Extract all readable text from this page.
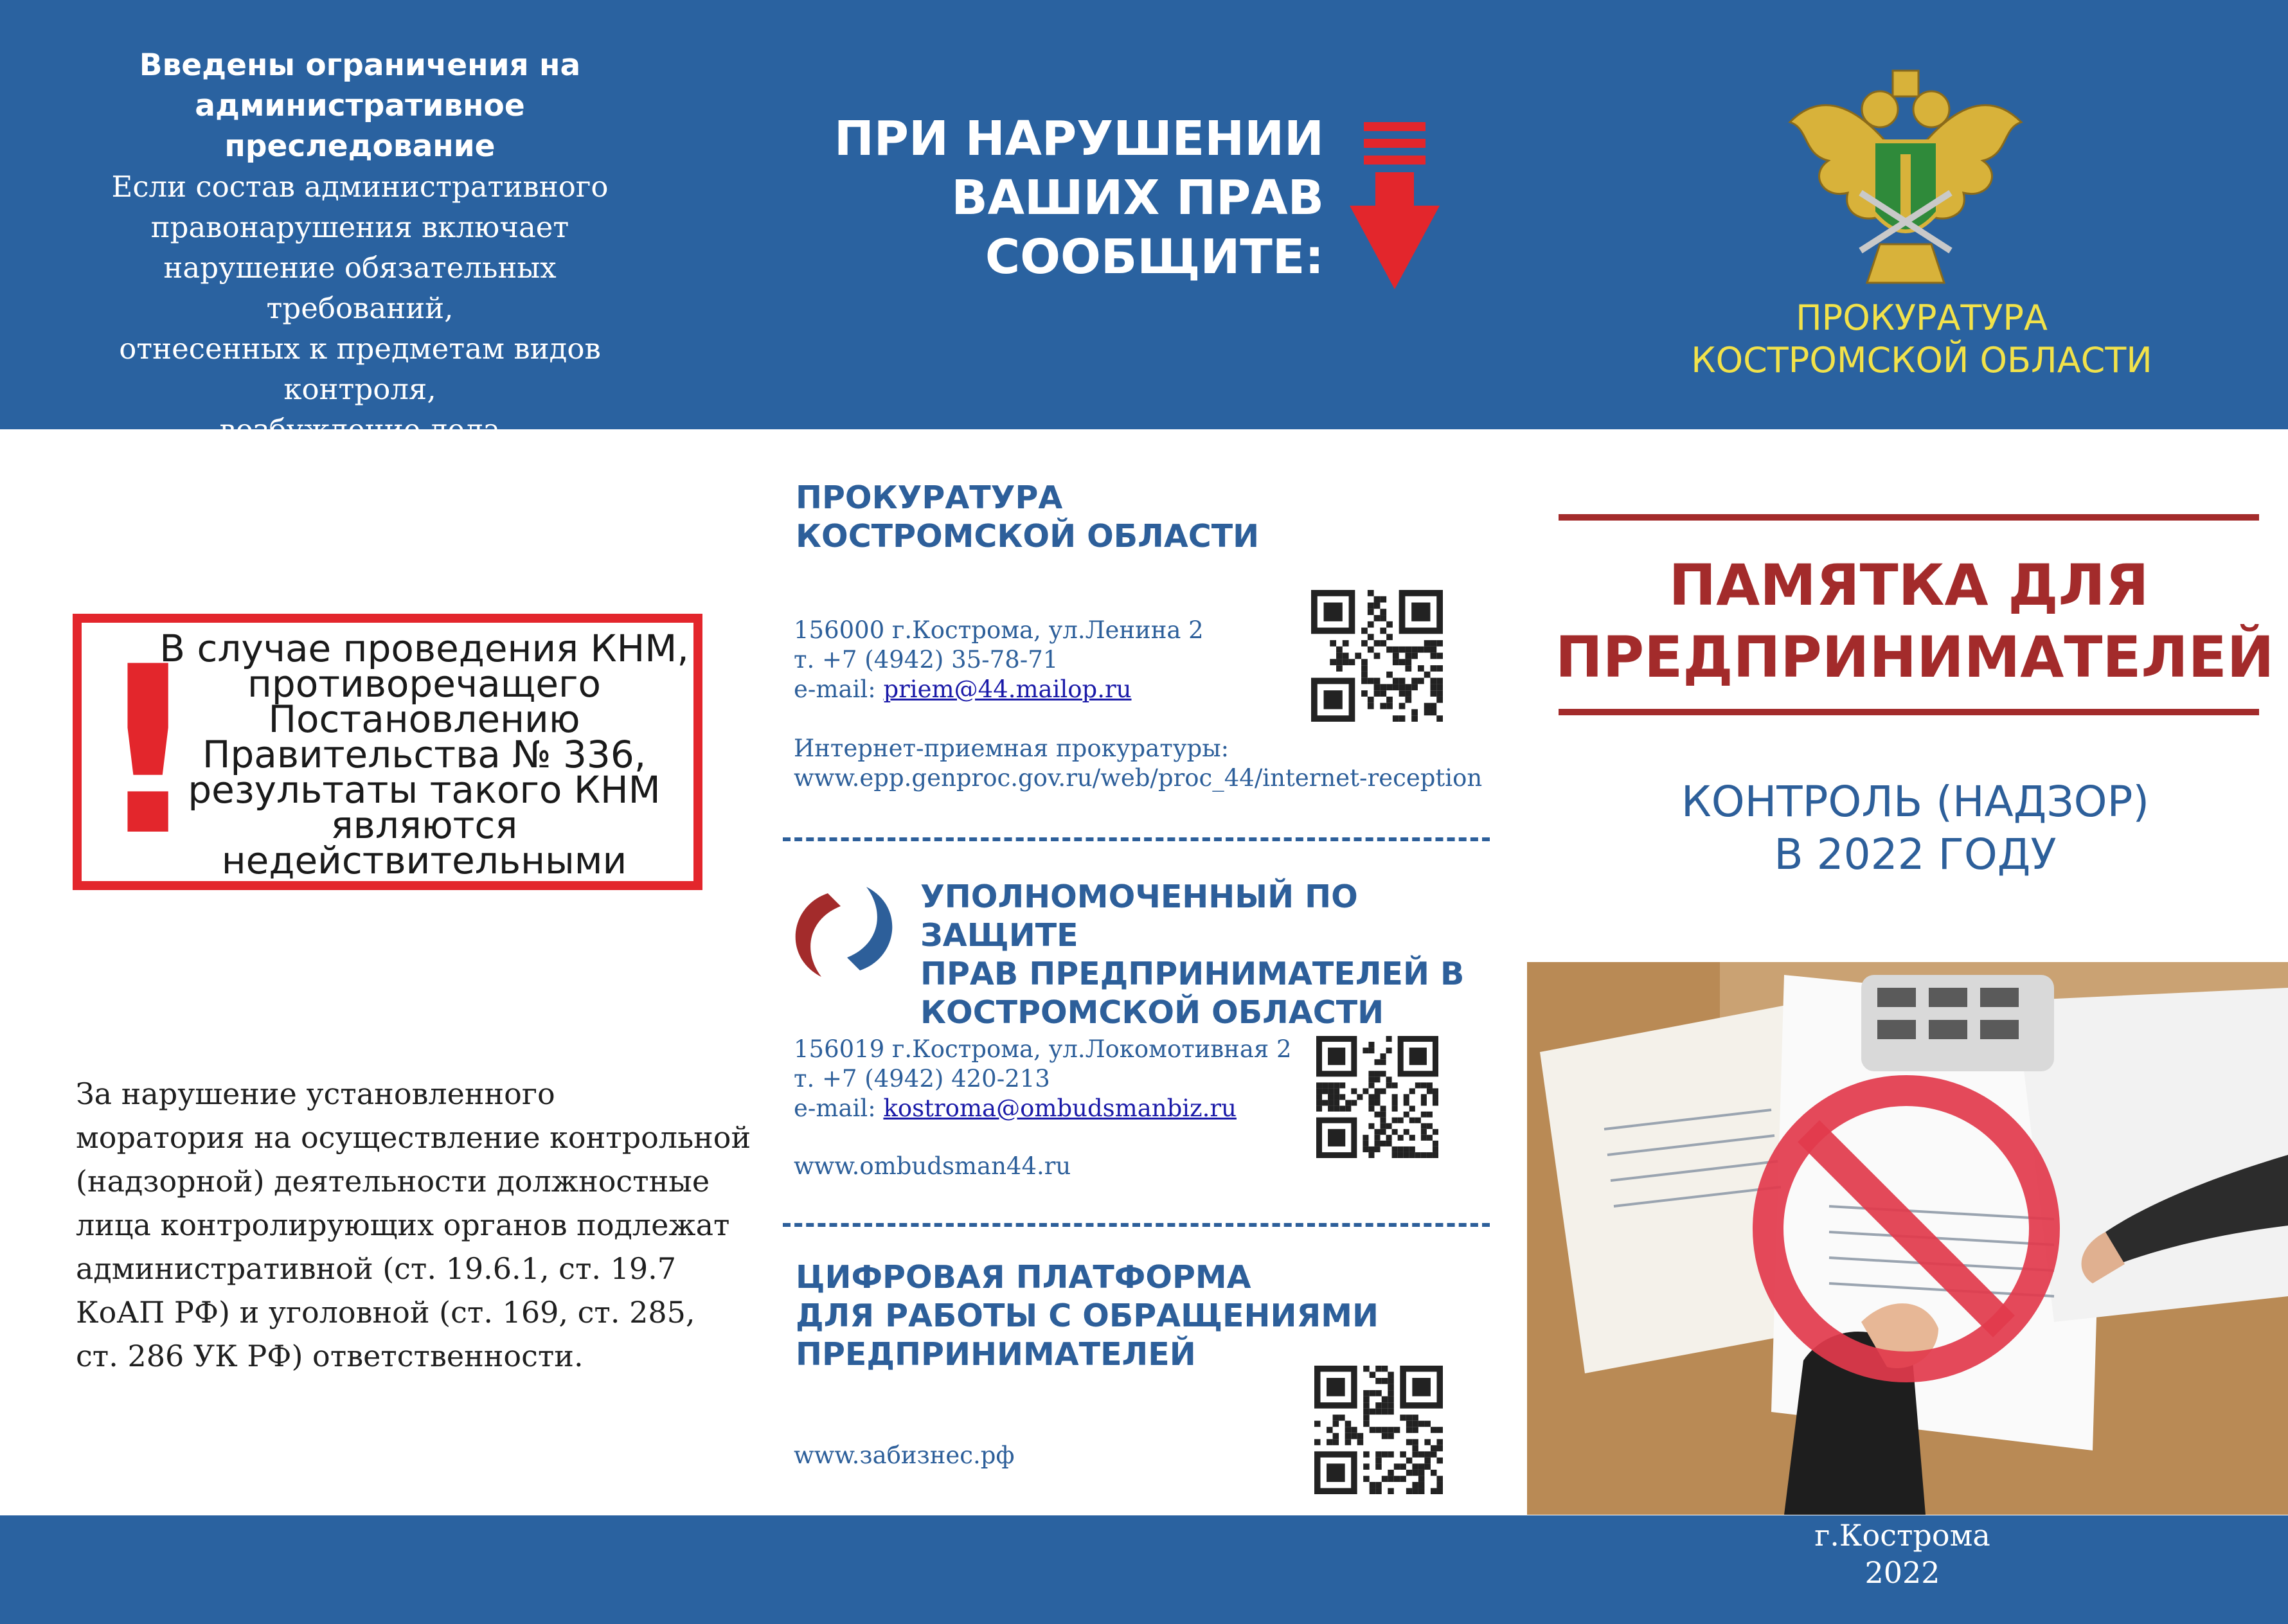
Введены ограничения на
административное преследование
Если состав административного
правонарушения включает
нарушение обязательных требований,
отнесенных к предметам видов контроля,
возбуждение дела административном
правонарушении возможно только
по итогам проведения КНМ
ПРИ НАРУШЕНИИ
ВАШИХ ПРАВ
СООБЩИТЕ:
ПРОКУРАТУРА
КОСТРОМСКОЙ ОБЛАСТИ
!
В случае проведения КНМ,
противоречащего
Постановлению
Правительства № 336,
результаты такого КНМ
являются
недействительными
За нарушение установленного
моратория на осуществление контрольной
(надзорной) деятельности должностные
лица контролирующих органов подлежат
административной (ст. 19.6.1, ст. 19.7
КоАП РФ) и уголовной (ст. 169, ст. 285,
ст. 286 УК РФ) ответственности.
ПРОКУРАТУРА
КОСТРОМСКОЙ ОБЛАСТИ
156000 г.Кострома, ул.Ленина 2
т. +7 (4942) 35-78-71
e-mail: priem@44.mailop.ru
Интернет-приемная прокуратуры:
www.epp.genproc.gov.ru/web/proc_44/internet-reception
УПОЛНОМОЧЕННЫЙ ПО ЗАЩИТЕ
ПРАВ ПРЕДПРИНИМАТЕЛЕЙ В
КОСТРОМСКОЙ ОБЛАСТИ
156019 г.Кострома, ул.Локомотивная 2
т. +7 (4942) 420-213
e-mail: kostroma@ombudsmanbiz.ru
www.ombudsman44.ru
ЦИФРОВАЯ ПЛАТФОРМА
ДЛЯ РАБОТЫ С ОБРАЩЕНИЯМИ
ПРЕДПРИНИМАТЕЛЕЙ
www.забизнес.рф
ПАМЯТКА ДЛЯ
ПРЕДПРИНИМАТЕЛЕЙ
КОНТРОЛЬ (НАДЗОР)
В 2022 ГОДУ
г.Кострома
2022
